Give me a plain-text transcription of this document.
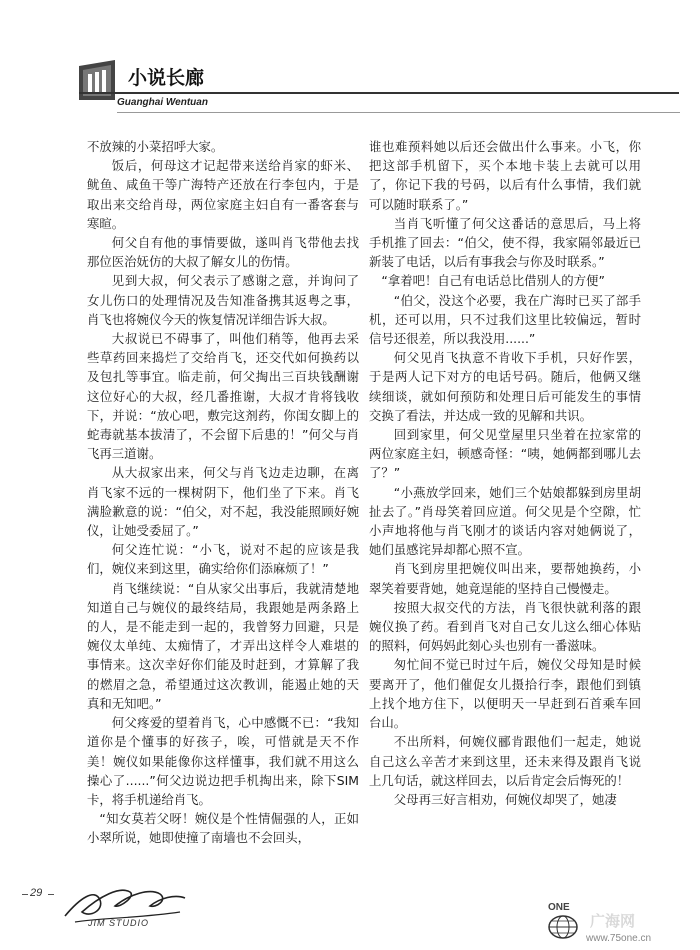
小说长廊
Guanghai Wentuan

不放辣的小菜招呼大家。

饭后，何母这才记起带来送给肖家的虾米、鱿鱼、咸鱼干等广海特产还放在行李包内，于是取出来交给肖母，两位家庭主妇自有一番客套与寒暄。

何父自有他的事情要做，遂叫肖飞带他去找那位医治妩仿的大叔了解女儿的伤情。

见到大叔，何父表示了感谢之意，并询问了女儿伤口的处理情况及告知准备携其返粤之事，肖飞也将婉仪今天的恢复情况详细告诉大叔。

大叔说已不碍事了，叫他们稍等，他再去采些草药回来捣烂了交给肖飞，还交代如何换药以及包扎等事宜。临走前，何父掏出三百块钱酬谢这位好心的大叔，经几番推谢，大叔才肯将钱收下，并说：“放心吧，敷完这剂药，你闺女脚上的蛇毒就基本拔清了，不会留下后患的！”何父与肖飞再三道谢。

从大叔家出来，何父与肖飞边走边聊，在离肖飞家不远的一棵树阴下，他们坐了下来。肖飞满脸歉意的说：“伯父，对不起，我没能照顾好婉仪，让她受委屈了。”

何父连忙说：“小飞，说对不起的应该是我们，婉仪来到这里，确实给你们添麻烦了！”

肖飞继续说：“自从家父出事后，我就清楚地知道自己与婉仪的最终结局，我跟她是两条路上的人，是不能走到一起的，我曾努力回避，只是婉仪太单纯、太痴情了，才弄出这样令人难堪的事情来。这次幸好你们能及时赶到，才算解了我的燃眉之急，希望通过这次教训，能遏止她的天真和无知吧。”

何父疼爱的望着肖飞，心中感慨不已：“我知道你是个懂事的好孩子，唉，可惜就是天不作美！婉仪如果能像你这样懂事，我们就不用这么操心了......”何父边说边把手机掏出来，除下SIM卡，将手机递给肖飞。

“知女莫若父呀！婉仪是个性情倔强的人，正如小翠所说，她即使撞了南墙也不会回头，

谁也难预料她以后还会做出什么事来。小飞，你把这部手机留下，买个本地卡装上去就可以用了，你记下我的号码，以后有什么事情，我们就可以随时联系了。”

当肖飞听懂了何父这番话的意思后，马上将手机推了回去：“伯父，使不得，我家隔邻最近已新装了电话，以后有事我会与你及时联系。”

“拿着吧！自己有电话总比借别人的方便”

“伯父，没这个必要，我在广海时已买了部手机，还可以用，只不过我们这里比较偏远，暂时信号还很差，所以我没用......”

何父见肖飞执意不肯收下手机，只好作罢，于是两人记下对方的电话号码。随后，他俩又继续细谈，就如何预防和处理日后可能发生的事情交换了看法，并达成一致的见解和共识。

回到家里，何父见堂屋里只坐着在拉家常的两位家庭主妇，顿感奇怪：“咦，她俩都到哪儿去了？”

“小燕放学回来，她们三个姑娘都躲到房里胡扯去了。”肖母笑着回应道。何父见是个空隙，忙小声地将他与肖飞刚才的谈话内容对她俩说了，她们虽感诧异却都心照不宣。

肖飞到房里把婉仪叫出来，要帮她换药，小翠笑着要背她，她竟逞能的坚持自己慢慢走。

按照大叔交代的方法，肖飞很快就利落的跟婉仪换了药。看到肖飞对自己女儿这么细心体贴的照料，何妈妈此刻心头也别有一番滋味。

匆忙间不觉已时过午后，婉仪父母知是时候要离开了，他们催促女儿摄拾行李，跟他们到镇上找个地方住下，以便明天一早赶到石首乘车回台山。

不出所料，何婉仪郦肯跟他们一起走，她说自己这么辛苦才来到这里，还未来得及跟肖飞说上几句话，就这样回去，以后肯定会后悔死的！

父母再三好言相劝，何婉仪却哭了，她凄

29
JIM STUDIO
ONE
广海网
www.75one.cn
